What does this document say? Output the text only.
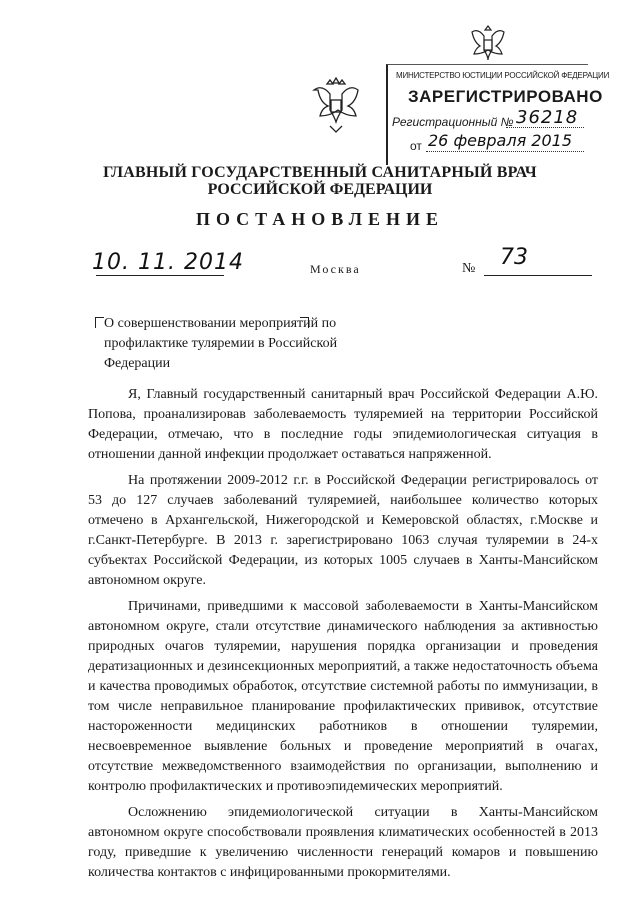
МИНИСТЕРСТВО ЮСТИЦИИ РОССИЙСКОЙ ФЕДЕРАЦИИ
ЗАРЕГИСТРИРОВАНО
Регистрационный № 36218
от 26 февраля 2015
ГЛАВНЫЙ ГОСУДАРСТВЕННЫЙ САНИТАРНЫЙ ВРАЧ
РОССИЙСКОЙ ФЕДЕРАЦИИ
ПОСТАНОВЛЕНИЕ
10. 11. 2014	Москва	№ 73
О совершенствовании мероприятий по профилактике туляремии в Российской Федерации

Я, Главный государственный санитарный врач Российской Федерации А.Ю. Попова, проанализировав заболеваемость туляремией на территории Российской Федерации, отмечаю, что в последние годы эпидемиологическая ситуация в отношении данной инфекции продолжает оставаться напряженной.

На протяжении 2009-2012 г.г. в Российской Федерации регистрировалось от 53 до 127 случаев заболеваний туляремией, наибольшее количество которых отмечено в Архангельской, Нижегородской и Кемеровской областях, г.Москве и г.Санкт-Петербурге. В 2013 г. зарегистрировано 1063 случая туляремии в 24-х субъектах Российской Федерации, из которых 1005 случаев в Ханты-Мансийском автономном округе.

Причинами, приведшими к массовой заболеваемости в Ханты-Мансийском автономном округе, стали отсутствие динамического наблюдения за активностью природных очагов туляремии, нарушения порядка организации и проведения дератизационных и дезинсекционных мероприятий, а также недостаточность объема и качества проводимых обработок, отсутствие системной работы по иммунизации, в том числе неправильное планирование профилактических прививок, отсутствие настороженности медицинских работников в отношении туляремии, несвоевременное выявление больных и проведение мероприятий в очагах, отсутствие межведомственного взаимодействия по организации, выполнению и контролю профилактических и противоэпидемических мероприятий.

Осложнению эпидемиологической ситуации в Ханты-Мансийском автономном округе способствовали проявления климатических особенностей в 2013 году, приведшие к увеличению численности генераций комаров и повышению количества контактов с инфицированными прокормителями.
